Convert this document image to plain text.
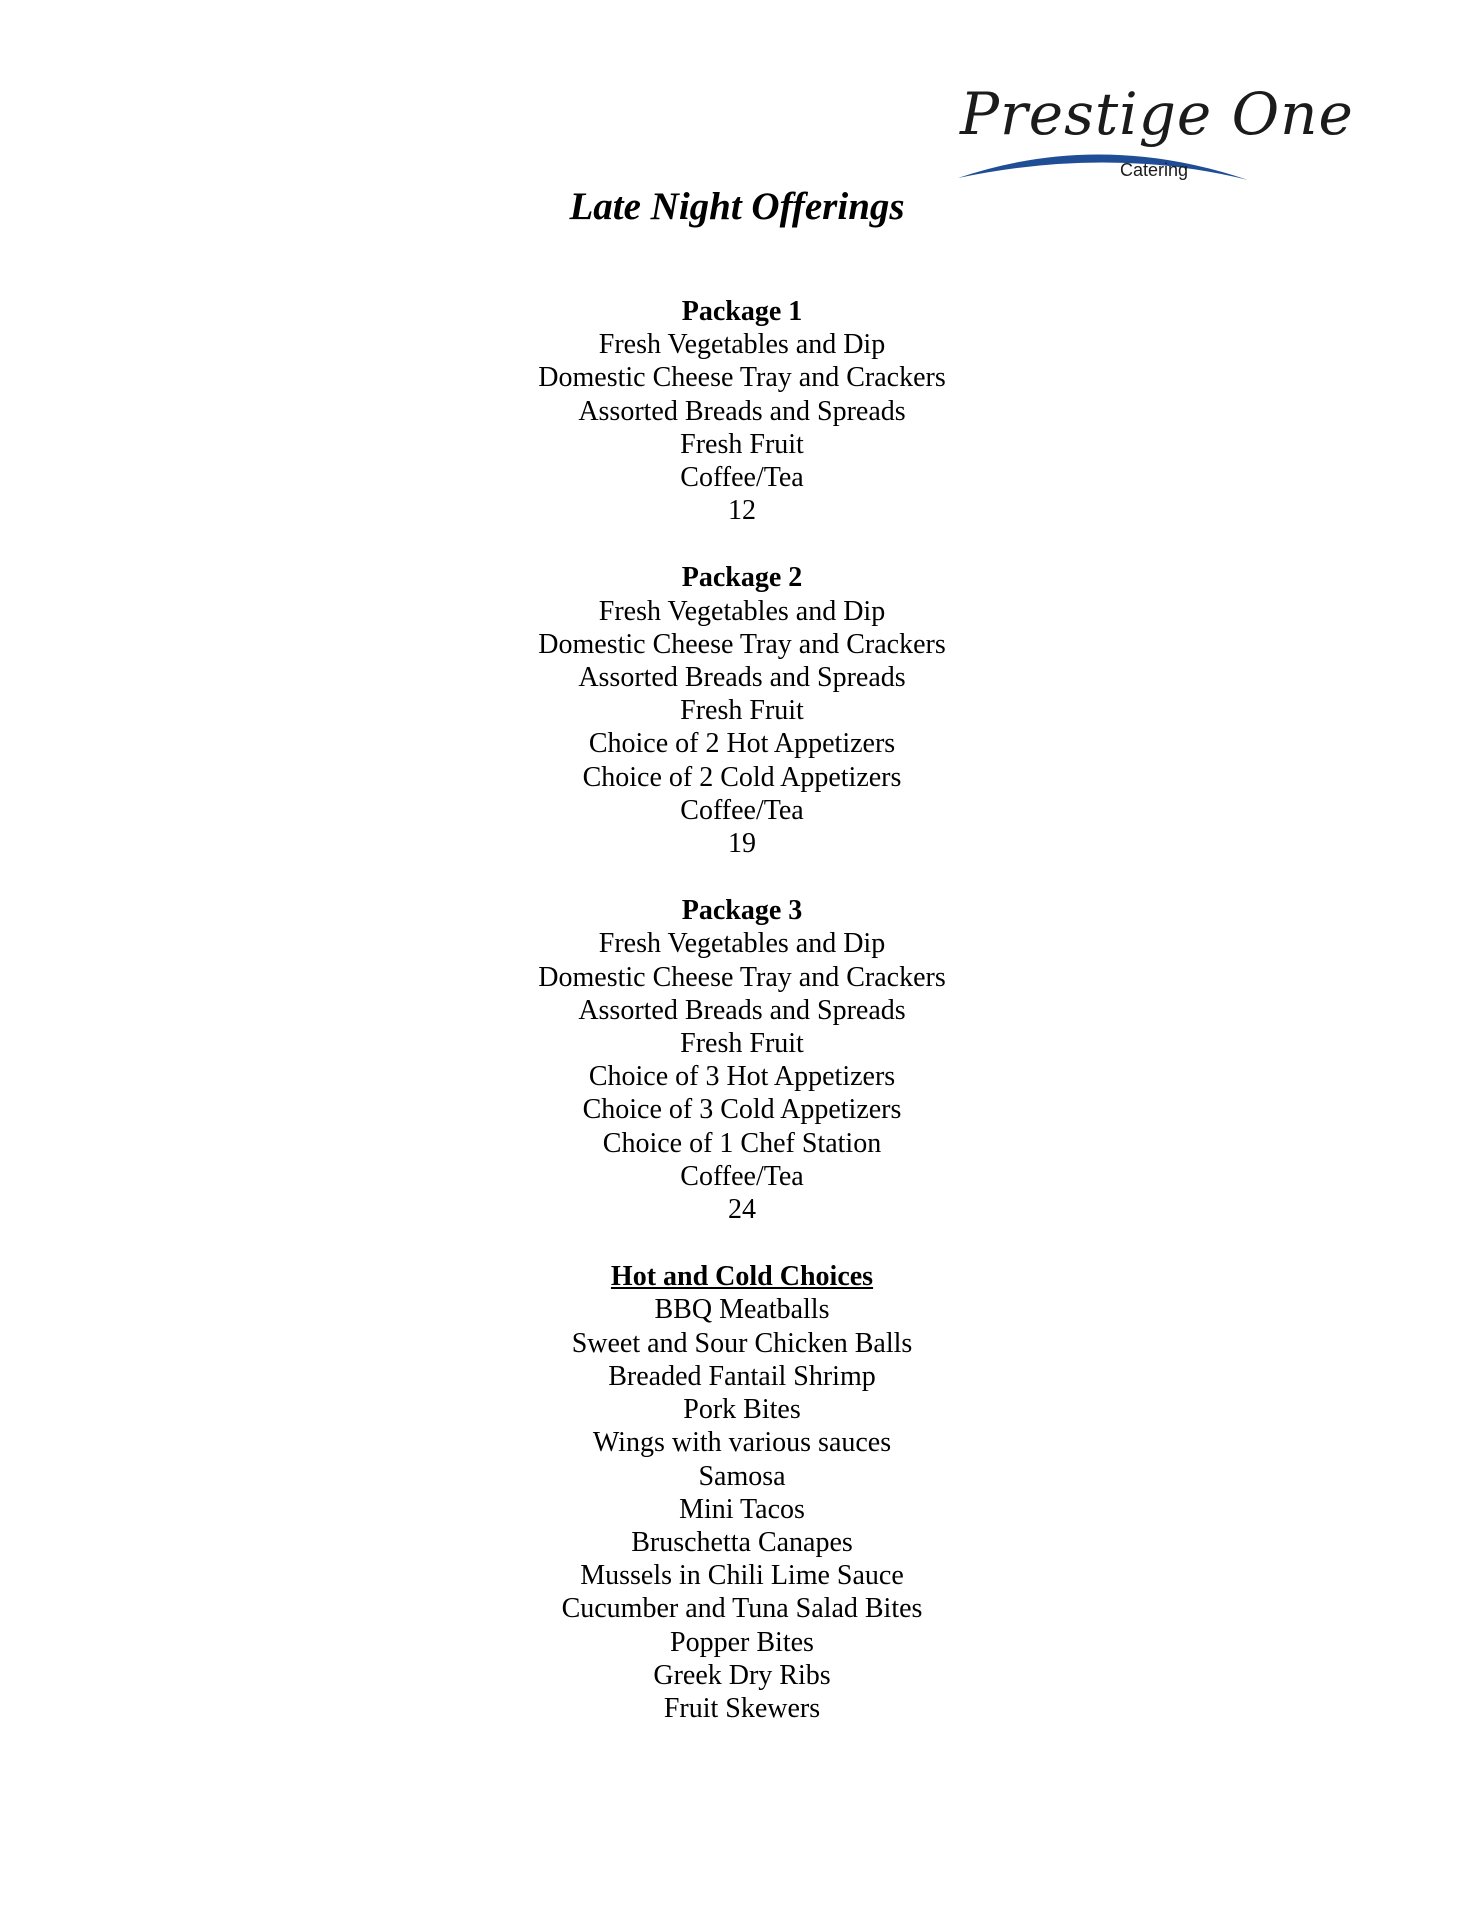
Prestige One
Catering
Late Night Offerings
Package 1
Fresh Vegetables and Dip
Domestic Cheese Tray and Crackers
Assorted Breads and Spreads
Fresh Fruit
Coffee/Tea
12
Package 2
Fresh Vegetables and Dip
Domestic Cheese Tray and Crackers
Assorted Breads and Spreads
Fresh Fruit
Choice of 2 Hot Appetizers
Choice of 2 Cold Appetizers
Coffee/Tea
19
Package 3
Fresh Vegetables and Dip
Domestic Cheese Tray and Crackers
Assorted Breads and Spreads
Fresh Fruit
Choice of 3 Hot Appetizers
Choice of 3 Cold Appetizers
Choice of 1 Chef Station
Coffee/Tea
24
Hot and Cold Choices
BBQ Meatballs
Sweet and Sour Chicken Balls
Breaded Fantail Shrimp
Pork Bites
Wings with various sauces
Samosa
Mini Tacos
Bruschetta Canapes
Mussels in Chili Lime Sauce
Cucumber and Tuna Salad Bites
Popper Bites
Greek Dry Ribs
Fruit Skewers
